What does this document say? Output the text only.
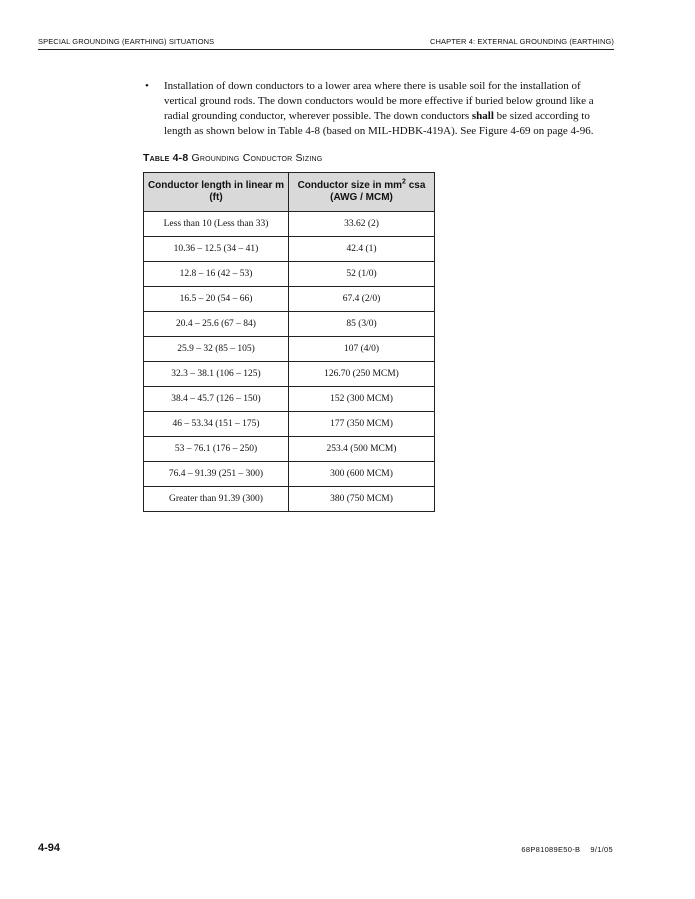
SPECIAL GROUNDING (EARTHING) SITUATIONS	CHAPTER 4: EXTERNAL GROUNDING (EARTHING)
• Installation of down conductors to a lower area where there is usable soil for the installation of vertical ground rods. The down conductors would be more effective if buried below ground like a radial grounding conductor, wherever possible. The down conductors shall be sized according to length as shown below in Table 4-8 (based on MIL-HDBK-419A). See Figure 4-69 on page 4-96.
Table 4-8 Grounding Conductor Sizing
Conductor length in linear m (ft)	Conductor size in $mm^2$ csa (AWG / MCM)
Less than 10 (Less than 33)	33.62 (2)
10.36 – 12.5 (34 – 41)	42.4 (1)
12.8 – 16 (42 – 53)	52 (1/0)
16.5 – 20 (54 – 66)	67.4 (2/0)
20.4 – 25.6 (67 – 84)	85 (3/0)
25.9 – 32 (85 – 105)	107 (4/0)
32.3 – 38.1 (106 – 125)	126.70 (250 MCM)
38.4 – 45.7 (126 – 150)	152 (300 MCM)
46 – 53.34 (151 – 175)	177 (350 MCM)
53 – 76.1 (176 – 250)	253.4 (500 MCM)
76.4 – 91.39 (251 – 300)	300 (600 MCM)
Greater than 91.39 (300)	380 (750 MCM)
4-94	68P81089E50-B 9/1/05
